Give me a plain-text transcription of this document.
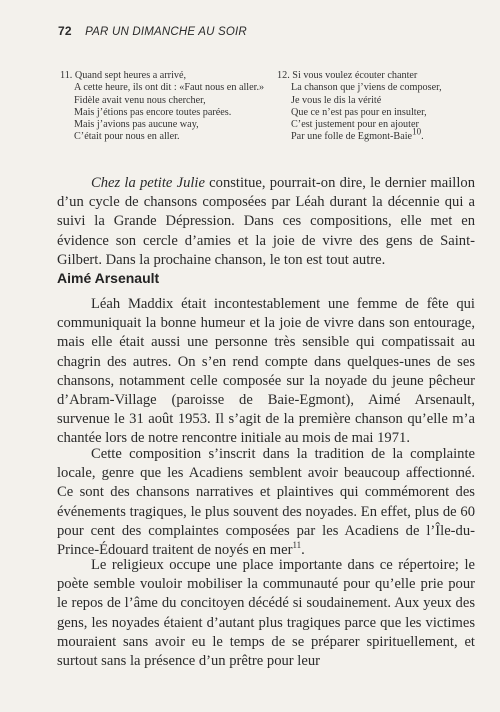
72 PAR UN DIMANCHE AU SOIR
11. Quand sept heures a arrivé,
A cette heure, ils ont dit : «Faut nous en aller.»
Fidèle avait venu nous chercher,
Mais j’étions pas encore toutes parées.
Mais j’avions pas aucune way,
C’était pour nous en aller.
12. Si vous voulez écouter chanter
La chanson que j’viens de composer,
Je vous le dis la vérité
Que ce n’est pas pour en insulter,
C’est justement pour en ajouter
Par une folle de Egmont-Baie$^{10}$.

Chez la petite Julie constitue, pourrait-on dire, le dernier maillon d’un cycle de chansons composées par Léah durant la décennie qui a suivi la Grande Dépression. Dans ces compositions, elle met en évidence son cercle d’amies et la joie de vivre des gens de Saint-Gilbert. Dans la prochaine chanson, le ton est tout autre.

Aimé Arsenault

Léah Maddix était incontestablement une femme de fête qui communiquait la bonne humeur et la joie de vivre dans son entourage, mais elle était aussi une personne très sensible qui compatissait au chagrin des autres. On s’en rend compte dans quelques-unes de ses chansons, notamment celle composée sur la noyade du jeune pêcheur d’Abram-Village (paroisse de Baie-Egmont), Aimé Arsenault, survenue le 31 août 1953. Il s’agit de la première chanson qu’elle m’a chantée lors de notre rencontre initiale au mois de mai 1971.

Cette composition s’inscrit dans la tradition de la complainte locale, genre que les Acadiens semblent avoir beaucoup affectionné. Ce sont des chansons narratives et plaintives qui commémorent des événements tragiques, le plus souvent des noyades. En effet, plus de 60 pour cent des complaintes composées par les Acadiens de l’Île-du-Prince-Édouard traitent de noyés en mer$^{11}$.

Le religieux occupe une place importante dans ce répertoire; le poète semble vouloir mobiliser la communauté pour qu’elle prie pour le repos de l’âme du concitoyen décédé si soudainement. Aux yeux des gens, les noyades étaient d’autant plus tragiques parce que les victimes mouraient sans avoir eu le temps de se préparer spirituellement, et surtout sans la présence d’un prêtre pour leur
